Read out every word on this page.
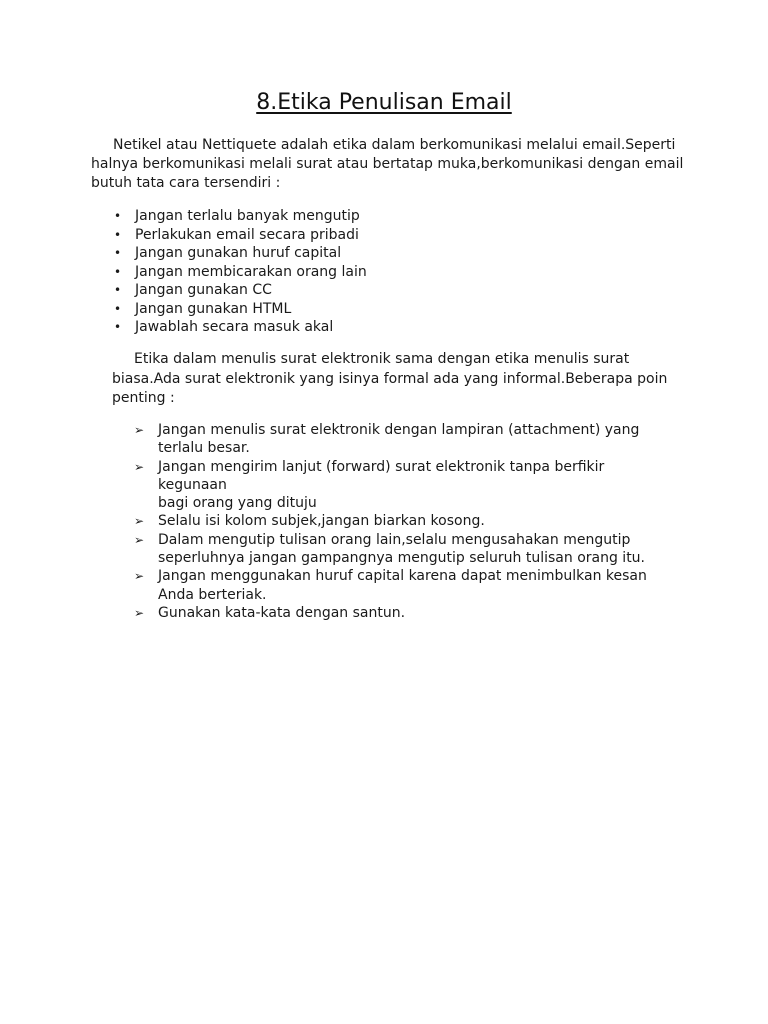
8.Etika Penulisan Email

Netikel atau Nettiquete adalah etika dalam berkomunikasi melalui email.Seperti halnya berkomunikasi melali surat atau bertatap muka,berkomunikasi dengan email butuh tata cara tersendiri :

• Jangan terlalu banyak mengutip
• Perlakukan email secara pribadi
• Jangan gunakan huruf capital
• Jangan membicarakan orang lain
• Jangan gunakan CC
• Jangan gunakan HTML
• Jawablah secara masuk akal

Etika dalam menulis surat elektronik sama dengan etika menulis surat biasa.Ada surat elektronik yang isinya formal ada yang informal.Beberapa poin penting :

➢ Jangan menulis surat elektronik dengan lampiran (attachment) yang
terlalu besar.
➢ Jangan mengirim lanjut (forward) surat elektronik tanpa berfikir kegunaan
bagi orang yang dituju
➢ Selalu isi kolom subjek,jangan biarkan kosong.
➢ Dalam mengutip tulisan orang lain,selalu mengusahakan mengutip
seperluhnya jangan gampangnya mengutip seluruh tulisan orang itu.
➢ Jangan menggunakan huruf capital karena dapat menimbulkan kesan
Anda berteriak.
➢ Gunakan kata-kata dengan santun.
